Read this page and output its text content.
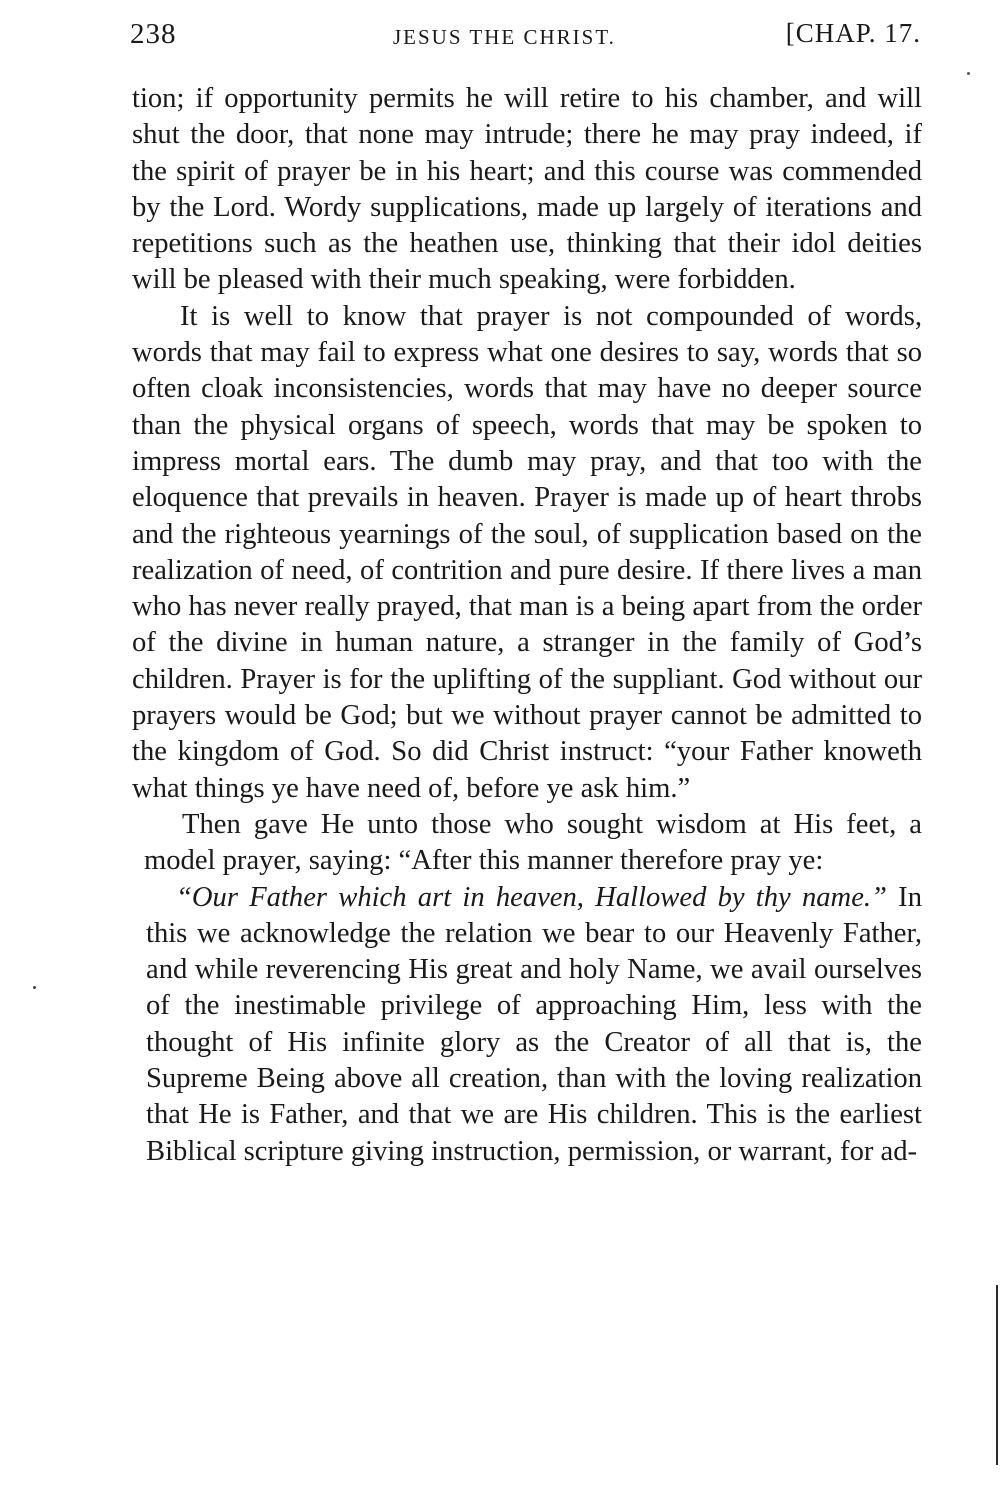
238	JESUS THE CHRIST.	[CHAP. 17.

tion; if opportunity permits he will retire to his chamber, and will shut the door, that none may intrude; there he may pray indeed, if the spirit of prayer be in his heart; and this course was commended by the Lord. Wordy supplications, made up largely of iterations and repetitions such as the heathen use, thinking that their idol deities will be pleased with their much speaking, were forbidden.

It is well to know that prayer is not compounded of words, words that may fail to express what one desires to say, words that so often cloak inconsistencies, words that may have no deeper source than the physical organs of speech, words that may be spoken to impress mortal ears. The dumb may pray, and that too with the eloquence that prevails in heaven. Prayer is made up of heart throbs and the righteous yearnings of the soul, of supplication based on the realization of need, of contrition and pure desire. If there lives a man who has never really prayed, that man is a being apart from the order of the divine in human nature, a stranger in the family of God’s children. Prayer is for the uplifting of the suppliant. God without our prayers would be God; but we without prayer cannot be admitted to the kingdom of God. So did Christ instruct: “your Father knoweth what things ye have need of, before ye ask him.”

Then gave He unto those who sought wisdom at His feet, a model prayer, saying: “After this manner therefore pray ye:

“Our Father which art in heaven, Hallowed by thy name.” In this we acknowledge the relation we bear to our Heavenly Father, and while reverencing His great and holy Name, we avail ourselves of the inestimable privilege of approaching Him, less with the thought of His infinite glory as the Creator of all that is, the Supreme Being above all creation, than with the loving realization that He is Father, and that we are His children. This is the earliest Biblical scripture giving instruction, permission, or warrant, for ad-
